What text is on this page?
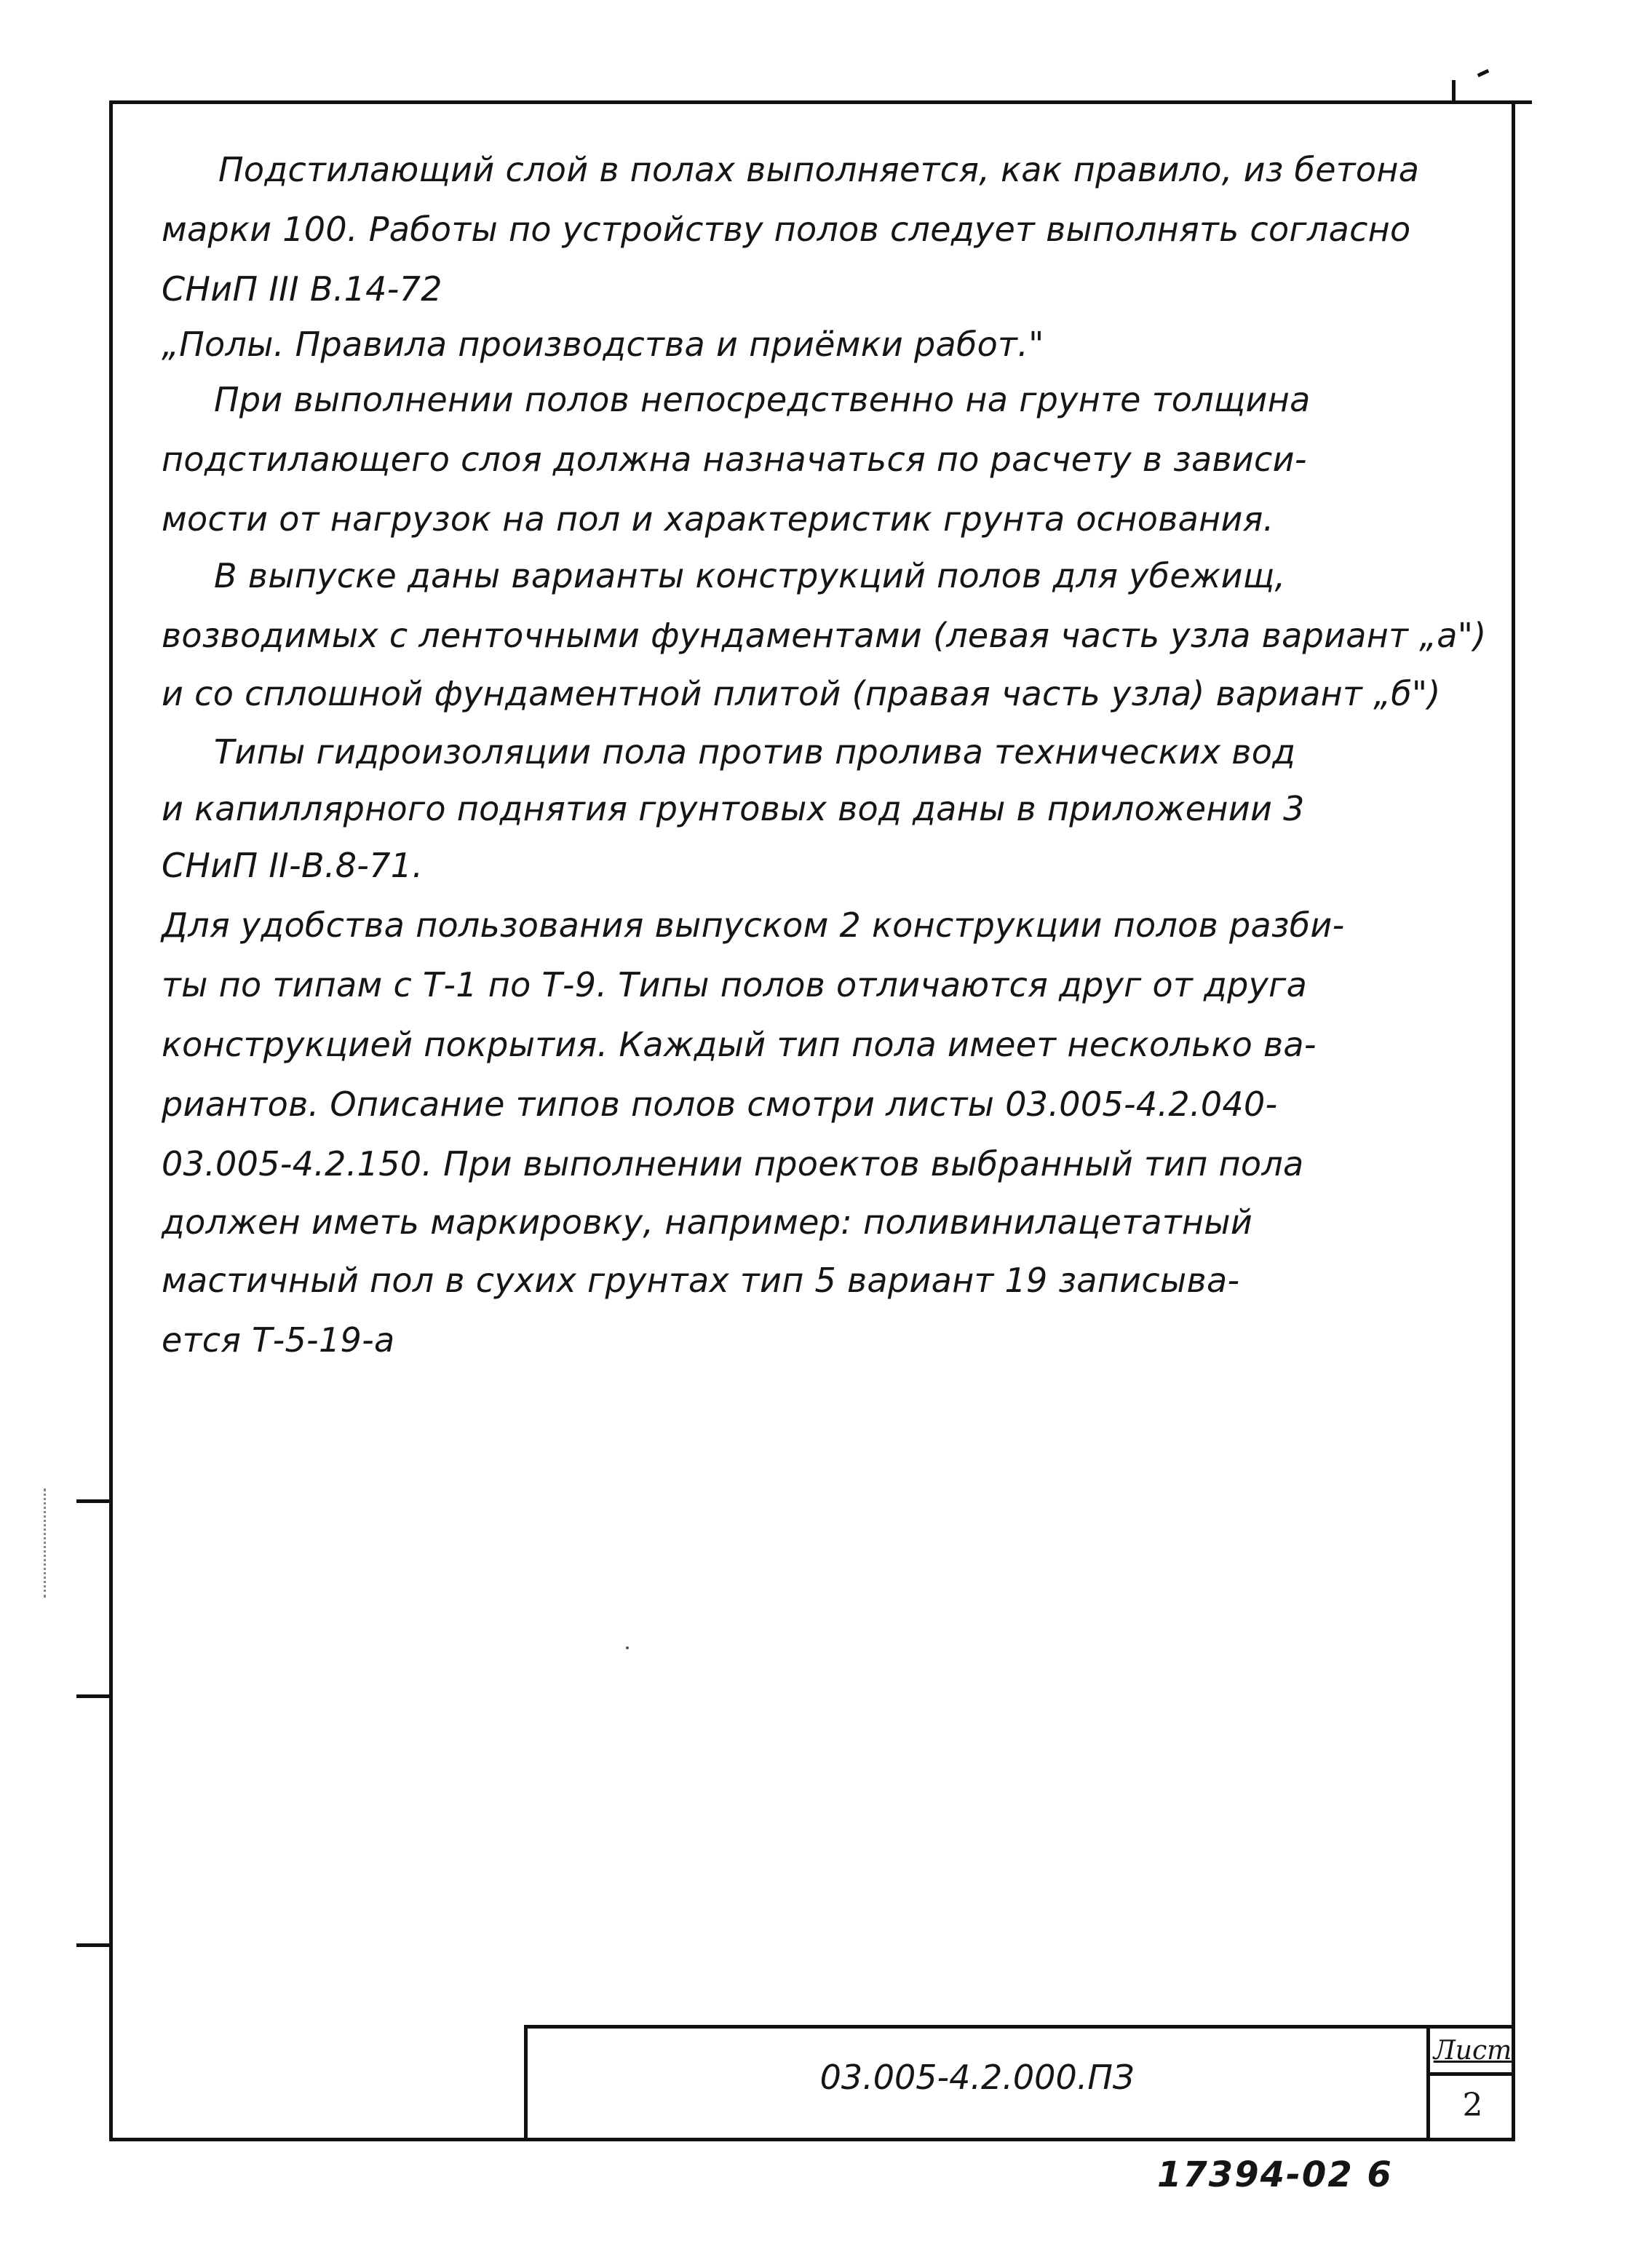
Подстилающий слой в полах выполняется, как правило, из бетона
марки 100. Работы по устройству полов следует выполнять согласно
СНиП III В.14-72
„Полы. Правила производства и приёмки работ."
При выполнении полов непосредственно на грунте толщина
подстилающего слоя должна назначаться по расчету в зависи-
мости от нагрузок на пол и характеристик грунта основания.
В выпуске даны варианты конструкций полов для убежищ,
возводимых с ленточными фундаментами (левая часть узла вариант „а")
и со сплошной фундаментной плитой (правая часть узла) вариант „б")
Типы гидроизоляции пола против пролива технических вод
и капиллярного поднятия грунтовых вод даны в приложении 3
СНиП II-В.8-71.
Для удобства пользования выпуском 2 конструкции полов разби-
ты по типам с Т-1 по Т-9. Типы полов отличаются друг от друга
конструкцией покрытия. Каждый тип пола имеет несколько ва-
риантов. Описание типов полов смотри листы 03.005-4.2.040-
03.005-4.2.150. При выполнении проектов выбранный тип пола
должен иметь маркировку, например: поливинилацетатный
мастичный пол в сухих грунтах тип 5 вариант 19 записыва-
ется Т-5-19-а
03.005-4.2.000.ПЗ
Лист
2
17394-02 6
